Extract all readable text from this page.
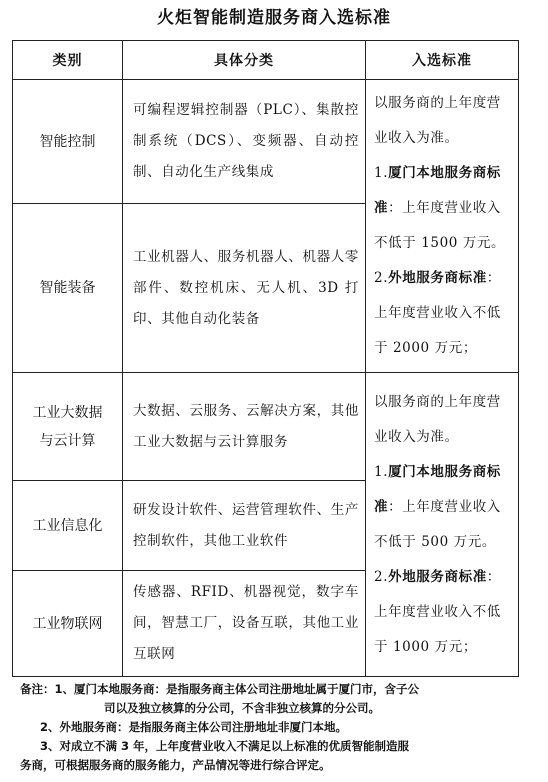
火炬智能制造服务商入选标准
类别	具体分类	入选标准
智能控制	可编程逻辑控制器（PLC）、集散控制系统（DCS）、变频器、自动控制、自动化生产线集成	以服务商的上年度营业收入为准。
1.厦门本地服务商标准：上年度营业收入不低于 1500 万元。
2.外地服务商标准：上年度营业收入不低于 2000 万元；
智能装备	工业机器人、服务机器人、机器人零部件、数控机床、无人机、3D 打印、其他自动化装备	

工业大数据与云计算	大数据、云服务、云解决方案，其他工业大数据与云计算服务	以服务商的上年度营业收入为准。
1.厦门本地服务商标准：上年度营业收入不低于 500 万元。
2.外地服务商标准：上年度营业收入不低于 1000 万元；
工业信息化	研发设计软件、运营管理软件、生产控制软件，其他工业软件	
工业物联网	传感器、RFID、机器视觉，数字车间，智慧工厂，设备互联，其他工业互联网	

备注：1、厦门本地服务商：是指服务商主体公司注册地址属于厦门市，含子公

司以及独立核算的分公司，不含非独立核算的分公司。

2、外地服务商：是指服务商主体公司注册地址非厦门本地。

3、对成立不满 3 年，上年度营业收入不满足以上标准的优质智能制造服

务商，可根据服务商的服务能力，产品情况等进行综合评定。
